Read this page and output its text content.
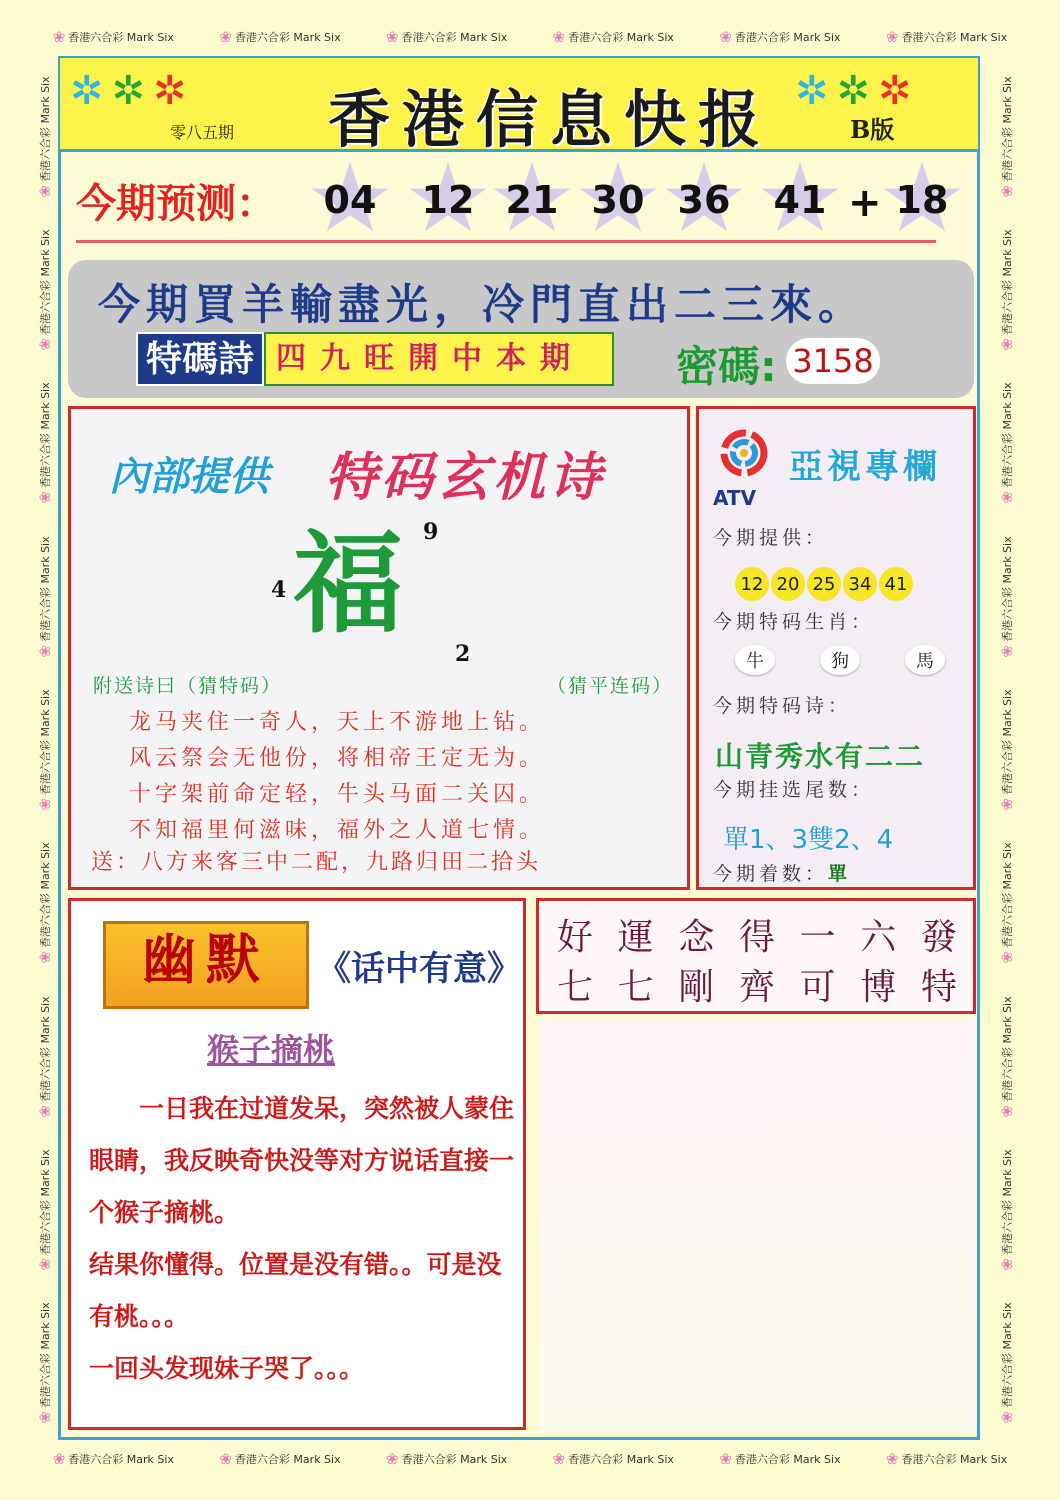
❀ 香港六合彩 Mark Six	❀ 香港六合彩 Mark Six	❀ 香港六合彩 Mark Six	❀ 香港六合彩 Mark Six	❀ 香港六合彩 Mark Six	❀ 香港六合彩 Mark Six
❀ 香港六合彩 Mark Six	❀ 香港六合彩 Mark Six	❀ 香港六合彩 Mark Six	❀ 香港六合彩 Mark Six	❀ 香港六合彩 Mark Six	❀ 香港六合彩 Mark Six
❀
香港六合彩 Mark Six
❀
香港六合彩 Mark Six
❀
香港六合彩 Mark Six
❀
香港六合彩 Mark Six
❀
香港六合彩 Mark Six
❀
香港六合彩 Mark Six
❀
香港六合彩 Mark Six
❀
香港六合彩 Mark Six
❀
香港六合彩 Mark Six
❀
香港六合彩 Mark Six
❀
香港六合彩 Mark Six
❀
香港六合彩 Mark Six
❀
香港六合彩 Mark Six
❀
香港六合彩 Mark Six
❀
香港六合彩 Mark Six
❀
香港六合彩 Mark Six
❀
香港六合彩 Mark Six
❀
香港六合彩 Mark Six
✲✲✲
零八五期	香港信息快报 ✲✲✲
B版
今期预测： 04 12 21 30 36 41 + 18
今期買羊輸盡光，冷門直出二三來。
特碼詩 四九旺開中本期	密碼: 3158
內部提供 特码玄机诗
福 9
4
2
附送诗曰（猜特码）	（猜平连码）
龙马夹住一奇人，天上不游地上钻。
风云祭会无他份，将相帝王定无为。
十字架前命定轻，牛头马面二关囚。
不知福里何滋味，福外之人道七情。
送：八方来客三中二配，九路归田二拾头
ATV
亞視專欄
今期提供：
12 20 25 34 41
今期特码生肖：
牛	狗	馬
今期特码诗：
山青秀水有二二
今期挂选尾数：
單1、3雙2、4
今期着数：單
幽默	《话中有意》
猴子摘桃
　　一日我在过道发呆，突然被人蒙住
眼睛，我反映奇快没等对方说话直接一
个猴子摘桃。
结果你懂得。位置是没有错。。可是没
有桃。。。
一回头发现妹子哭了。。。
好 運 念 得 一 六 發
七 七 剛 齊 可 博 特
